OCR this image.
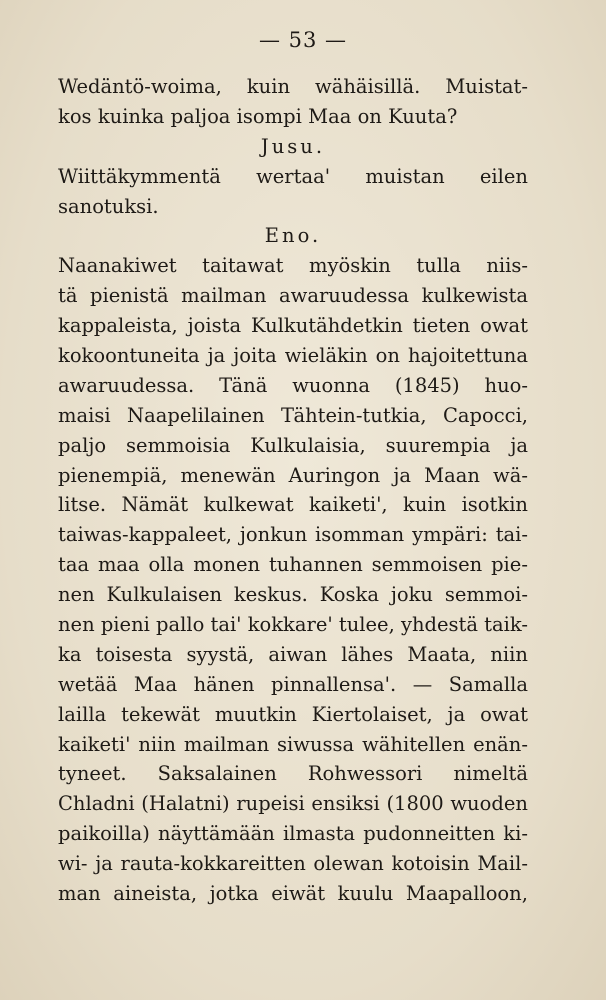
— 53 —
Wedäntö-woima, kuin wähäisillä. Muistat-
kos kuinka paljoa isompi Maa on Kuuta?
Jusu.
Wiittäkymmentä wertaa' muistan eilen
sanotuksi.
Eno.
Naanakiwet taitawat myöskin tulla niis-
tä pienistä mailman awaruudessa kulkewista
kappaleista, joista Kulkutähdetkin tieten owat
kokoontuneita ja joita wieläkin on hajoitettuna
awaruudessa. Tänä wuonna (1845) huo-
maisi Naapelilainen Tähtein-tutkia, Capocci,
paljo semmoisia Kulkulaisia, suurempia ja
pienempiä, menewän Auringon ja Maan wä-
litse. Nämät kulkewat kaiketi', kuin isotkin
taiwas-kappaleet, jonkun isomman ympäri: tai-
taa maa olla monen tuhannen semmoisen pie-
nen Kulkulaisen keskus. Koska joku semmoi-
nen pieni pallo tai' kokkare' tulee, yhdestä taik-
ka toisesta syystä, aiwan lähes Maata, niin
wetää Maa hänen pinnallensa'. — Samalla
lailla tekewät muutkin Kiertolaiset, ja owat
kaiketi' niin mailman siwussa wähitellen enän-
tyneet. Saksalainen Rohwessori nimeltä
Chladni (Halatni) rupeisi ensiksi (1800 wuoden
paikoilla) näyttämään ilmasta pudonneitten ki-
wi- ja rauta-kokkareitten olewan kotoisin Mail-
man aineista, jotka eiwät kuulu Maapalloon,
